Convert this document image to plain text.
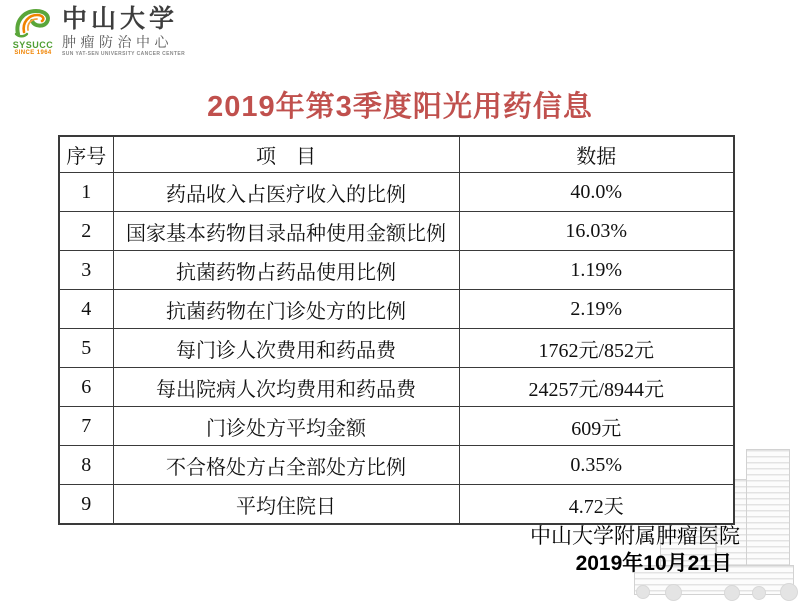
SYSUCC
SINCE 1964
中山大学
肿瘤防治中心
SUN YAT-SEN UNIVERSITY CANCER CENTER
2019年第3季度阳光用药信息
序号	项　目	数据
1	药品收入占医疗收入的比例	40.0%
2	国家基本药物目录品种使用金额比例	16.03%
3	抗菌药物占药品使用比例	1.19%
4	抗菌药物在门诊处方的比例	2.19%
5	每门诊人次费用和药品费	1762元/852元
6	每出院病人次均费用和药品费	24257元/8944元
7	门诊处方平均金额	609元
8	不合格处方占全部处方比例	0.35%
9	平均住院日	4.72天
中山大学附属肿瘤医院
2019年10月21日
